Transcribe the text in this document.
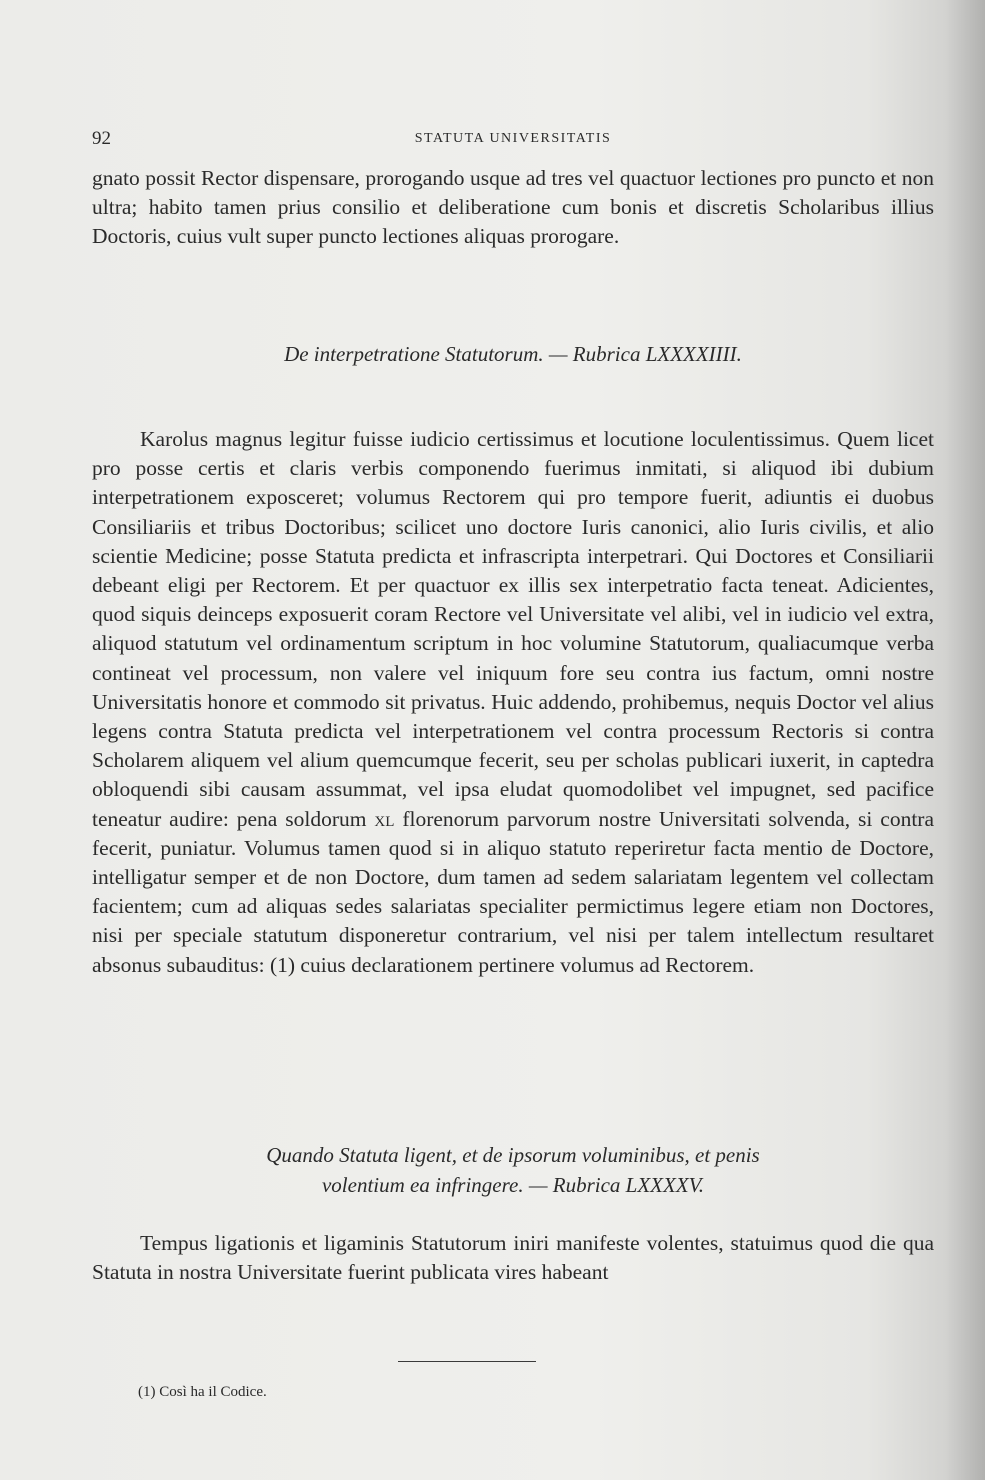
92	STATUTA UNIVERSITATIS

gnato possit Rector dispensare, prorogando usque ad tres vel quactuor lectiones pro puncto et non ultra; habito tamen prius consilio et deliberatione cum bonis et discretis Scholaribus illius Doctoris, cuius vult super puncto lectiones aliquas prorogare.

De interpetratione Statutorum. — Rubrica LXXXXIIII.

Karolus magnus legitur fuisse iudicio certissimus et locutione loculentissimus. Quem licet pro posse certis et claris verbis componendo fuerimus inmitati, si aliquod ibi dubium interpetrationem exposceret; volumus Rectorem qui pro tempore fuerit, adiuntis ei duobus Consiliariis et tribus Doctoribus; scilicet uno doctore Iuris canonici, alio Iuris civilis, et alio scientie Medicine; posse Statuta predicta et infrascripta interpetrari. Qui Doctores et Consiliarii debeant eligi per Rectorem. Et per quactuor ex illis sex interpetratio facta teneat. Adicientes, quod siquis deinceps exposuerit coram Rectore vel Universitate vel alibi, vel in iudicio vel extra, aliquod statutum vel ordinamentum scriptum in hoc volumine Statutorum, qualiacumque verba contineat vel processum, non valere vel iniquum fore seu contra ius factum, omni nostre Universitatis honore et commodo sit privatus. Huic addendo, prohibemus, nequis Doctor vel alius legens contra Statuta predicta vel interpetrationem vel contra processum Rectoris si contra Scholarem aliquem vel alium quemcumque fecerit, seu per scholas publicari iuxerit, in captedra obloquendi sibi causam assummat, vel ipsa eludat quomodolibet vel impugnet, sed pacifice teneatur audire: pena soldorum xl florenorum parvorum nostre Universitati solvenda, si contra fecerit, puniatur. Volumus tamen quod si in aliquo statuto reperiretur facta mentio de Doctore, intelligatur semper et de non Doctore, dum tamen ad sedem salariatam legentem vel collectam facientem; cum ad aliquas sedes salariatas specialiter permictimus legere etiam non Doctores, nisi per speciale statutum disponeretur contrarium, vel nisi per talem intellectum resultaret absonus subauditus: (1) cuius declarationem pertinere volumus ad Rectorem.

Quando Statuta ligent, et de ipsorum voluminibus, et penis
volentium ea infringere. — Rubrica LXXXXV.

Tempus ligationis et ligaminis Statutorum iniri manifeste volentes, statuimus quod die qua Statuta in nostra Universitate fuerint publicata vires habeant

(1) Così ha il Codice.
